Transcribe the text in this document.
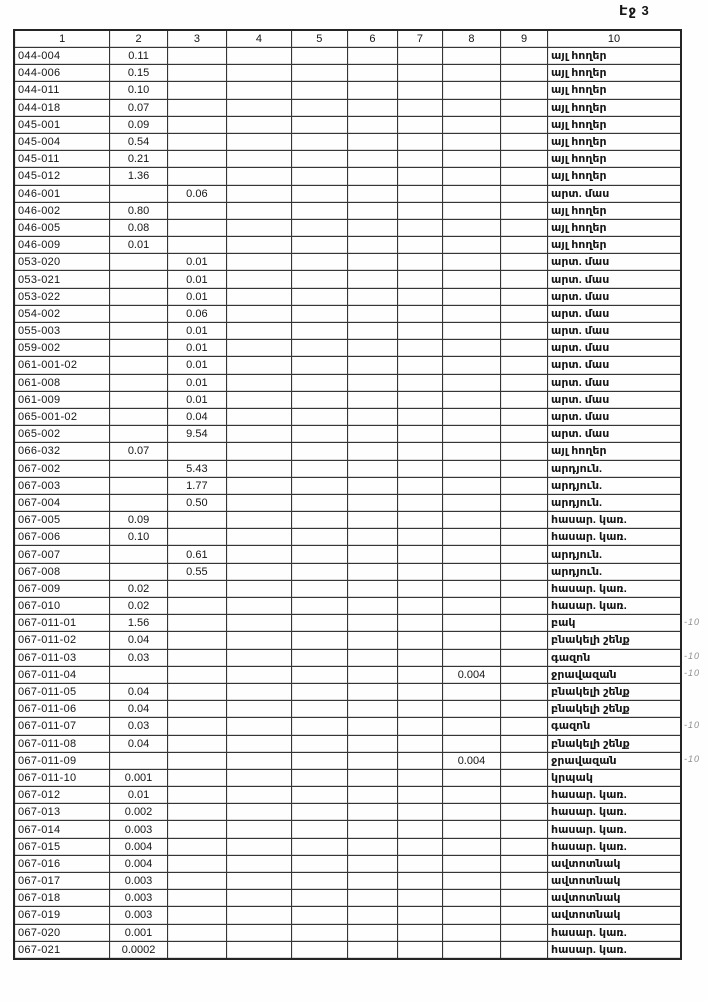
Էջ 3
1	2	3	4	5	6	7	8	9	10
044-004	0.11								այլ հողեր
044-006	0.15								այլ հողեր
044-011	0.10								այլ հողեր
044-018	0.07								այլ հողեր
045-001	0.09								այլ հողեր
045-004	0.54								այլ հողեր
045-011	0.21								այլ հողեր
045-012	1.36								այլ հողեր
046-001		0.06							արտ. մաս
046-002	0.80								այլ հողեր
046-005	0.08								այլ հողեր
046-009	0.01								այլ հողեր
053-020		0.01							արտ. մաս
053-021		0.01							արտ. մաս
053-022		0.01							արտ. մաս
054-002		0.06							արտ. մաս
055-003		0.01							արտ. մաս
059-002		0.01							արտ. մաս
061-001-02		0.01							արտ. մաս
061-008		0.01							արտ. մաս
061-009		0.01							արտ. մաս
065-001-02		0.04							արտ. մաս
065-002		9.54							արտ. մաս
066-032	0.07								այլ հողեր
067-002		5.43							արդյուն.
067-003		1.77							արդյուն.
067-004		0.50							արդյուն.
067-005	0.09								հասար. կառ.
067-006	0.10								հասար. կառ.
067-007		0.61							արդյուն.
067-008		0.55							արդյուն.
067-009	0.02								հասար. կառ.
067-010	0.02								հասար. կառ.
067-011-01	1.56								բակ
067-011-02	0.04								բնակելի շենք
067-011-03	0.03								գազոն
067-011-04							0.004		ջրավազան
067-011-05	0.04								բնակելի շենք
067-011-06	0.04								բնակելի շենք
067-011-07	0.03								գազոն
067-011-08	0.04								բնակելի շենք
067-011-09							0.004		ջրավազան
067-011-10	0.001								կրպակ
067-012	0.01								հասար. կառ.
067-013	0.002								հասար. կառ.
067-014	0.003								հասար. կառ.
067-015	0.004								հասար. կառ.
067-016	0.004								ավտոտնակ
067-017	0.003								ավտոտնակ
067-018	0.003								ավտոտնակ
067-019	0.003								ավտոտնակ
067-020	0.001								հասար. կառ.
067-021	0.0002								հասար. կառ.
-10
-10
-10
-10
-10
